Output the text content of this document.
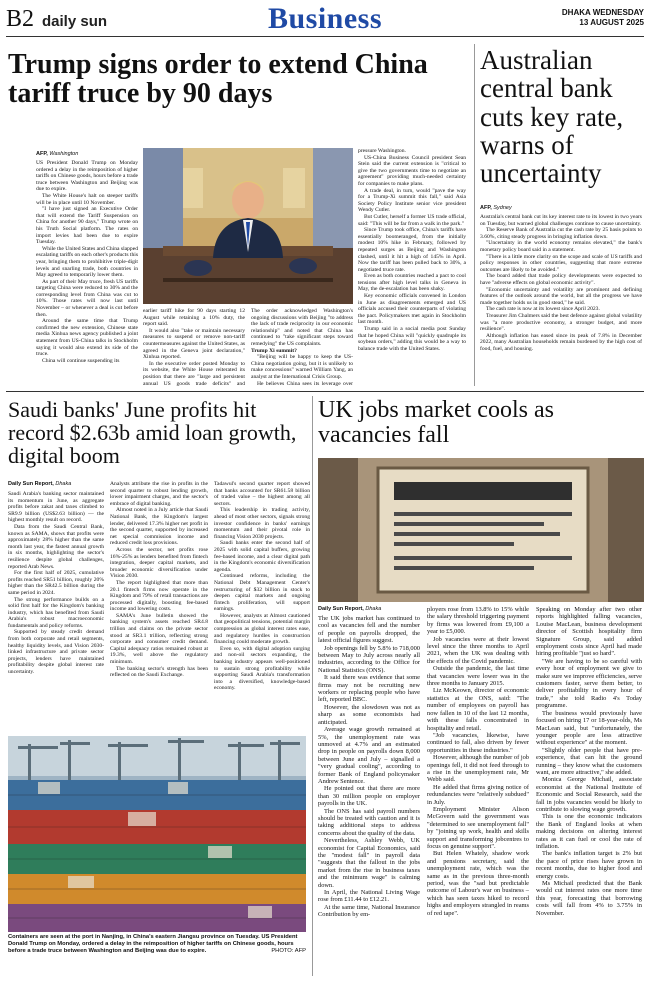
Business
B2 daily sun
DHAKA WEDNESDAY
13 AUGUST 2025
Trump signs order to extend China tariff truce by 90 days
AFP, Washington

US President Donald Trump on Monday ordered a delay in the reimposition of higher tariffs on Chinese goods, hours before a trade truce between Washington and Beijing was due to expire.

The White House's halt on steeper tariffs will be in place until 10 November.

"I have just signed an Executive Order that will extend the Tariff Suspension on China for another 90 days," Trump wrote on his Truth Social platform. The rates on import levies had been due to expire Tuesday.

While the United States and China slapped escalating tariffs on each other's products this year, bringing them to prohibitive triple-digit levels and snarling trade, both countries in May agreed to temporarily lower them.

As part of their May truce, fresh US tariffs targeting China were reduced to 30% and the corresponding level from China was cut to 10%. Those rates will now last until November – or whenever a deal is cut before then.

Around the same time that Trump confirmed the new extension, Chinese state media Xinhua news agency published a joint statement from US-China talks in Stockholm saying it would also extend its side of the truce.

China will continue suspending its

earlier tariff hike for 90 days starting 12 August while retaining a 10% duty, the report said.

It would also "take or maintain necessary measures to suspend or remove non-tariff countermeasures against the United States, as agreed in the Geneva joint declaration," Xinhua reported.

In the executive order posted Monday to its website, the White House reiterated its position that there are "large and persistent annual US goods trade deficits" and

The order acknowledged Washington's ongoing discussions with Beijing "to address the lack of trade reciprocity in our economic relationship" and noted that China has continued to "take significant steps toward remedying" the US complaints.

Trump Xi summit?

"Beijing will be happy to keep the US-China negotiation going, but it is unlikely to make concessions" warned William Yang, an analyst at the International Crisis Group.

He believes China sees its leverage over

pressure Washington.

US-China Business Council president Sean Stein said the current extension is "critical to give the two governments time to negotiate an agreement" providing much-needed certainty for companies to make plans.

A trade deal, in turn, would "pave the way for a Trump-Xi summit this fall," said Asia Society Policy Institute senior vice president Wendy Cutler.

But Cutler, herself a former US trade official, said: "This will be far from a walk in the park."

Since Trump took office, China's tariffs have essentially boomeranged, from the initially modest 10% hike in February, followed by repeated surges as Beijing and Washington clashed, until it hit a high of 145% in April. Now the tariff has been pulled back to 30%, a negotiated truce rate.

Even as both countries reached a pact to cool tensions after high level talks in Geneva in May, the de-escalation has been shaky.

Key economic officials convened in London in June as disagreements emerged and US officials accused their counterparts of violating the pact. Policymakers met again in Stockholm last month.

Trump said in a social media post Sunday that he hoped China will "quickly quadruple its soybean orders," adding this would be a way to balance trade with the United States.

Australian central bank cuts key rate, warns of uncertainty
AFP, Sydney

Australia's central bank cut its key interest rate to its lowest in two years on Tuesday, but warned global challenges continue to cause uncertainty.

The Reserve Bank of Australia cut the cash rate by 25 basis points to 3.60%, citing steady progress in bringing inflation down.

"Uncertainty in the world economy remains elevated," the bank's monetary policy board said in a statement.

"There is a little more clarity on the scope and scale of US tariffs and policy responses in other countries, suggesting that more extreme outcomes are likely to be avoided."

The board added that trade policy developments were expected to have "adverse effects on global economic activity".

"Economic uncertainty and volatility are prominent and defining features of the outlook around the world, but all the progress we have made together holds us in good stead," he said.

The cash rate is now at its lowest since April 2023.

Treasurer Jim Chalmers said the best defence against global volatility was "a more productive economy, a stronger budget, and more resilience".

Although inflation has eased since its peak of 7.8% in December 2022, many Australian households remain burdened by the high cost of food, fuel, and housing.

Saudi banks' June profits hit record $2.63b amid loan growth, digital boom
Daily Sun Report, Dhaka

Saudi Arabia's banking sector maintained its momentum in June, as aggregate profits before zakat and taxes climbed to SR9.9 billion (US$2.63 billion) — the highest monthly result on record.

Data from the Saudi Central Bank, known as SAMA, shows that profits were approximately 28% higher than the same month last year, the fastest annual growth in six months, highlighting the sector's resilience despite global challenges, reported Arab News.

For the first half of 2025, cumulative profits reached SR51 billion, roughly 20% higher than the SR42.5 billion during the same period in 2024.

The strong performance builds on a solid first half for the Kingdom's banking industry, which has benefited from Saudi Arabia's robust macroeconomic fundamentals and policy reforms.

Supported by steady credit demand from both corporate and retail segments, healthy liquidity levels, and Vision 2030-linked infrastructure and private sector projects, lenders have maintained profitability despite global interest rate uncertainty.

Analysts attribute the rise in profits in the second quarter to robust lending growth, lower impairment charges, and the sector's embrace of digital banking.

Almost noted in a July article that Saudi National Bank, the Kingdom's largest lender, delivered 17.3% higher net profit in the second quarter, supported by increased net special commission income and reduced credit loss provisions.

Across the sector, net profits rose 16%-25% as lenders benefited from fintech integration, deeper capital markets, and broader economic diversification under Vision 2030.

The report highlighted that more than 20.1 fintech firms now operate in the Kingdom and 79% of retail transactions are processed digitally, boosting fee-based income and lowering costs.

SAMA's June bulletin showed the banking system's assets reached SR4.8 trillion and claims on the private sector stood at SR3.1 trillion, reflecting strong corporate and consumer credit demand. Capital adequacy ratios remained robust at 19.3%, well above the regulatory minimum.

The banking sector's strength has been reflected on the Saudi Exchange.

Tadawul's second quarter report showed that banks accounted for SR61.58 billion of traded value – the highest among all sectors.

This leadership in trading activity, ahead of most other sectors, signals strong investor confidence in banks' earnings momentum and their pivotal role in financing Vision 2030 projects.

Saudi banks enter the second half of 2025 with solid capital buffers, growing fee-based income, and a clear digital path in the Kingdom's economic diversification agenda.

Continued reforms, including the National Debt Management Center's restructuring of $32 billion in stock to deepen capital markets and ongoing fintech proliferation, will support earnings.

However, analysts at Almost cautioned that geopolitical tensions, potential margin compression as global interest rates ease, and regulatory hurdles in construction financing could moderate growth.

Even so, with digital adoption surging and non-oil sectors expanding, the banking industry appears well-positioned to sustain strong profitability while supporting Saudi Arabia's transformation into a diversified, knowledge-based economy.

Containers are seen at the port in Nanjing, in China's eastern Jiangsu province on Tuesday. US President Donald Trump on Monday, ordered a delay in the reimposition of higher tariffs on Chinese goods, hours before a trade truce between Washington and Beijing was due to expire.	PHOTO: AFP
UK jobs market cools as vacancies fall
Daily Sun Report, Dhaka

The UK jobs market has continued to cool as vacancies fell and the number of people on payrolls dropped, the latest official figures suggest.

Job openings fell by 5.8% to 718,000 between May to July across nearly all industries, according to the Office for National Statistics (ONS).

It said there was evidence that some firms may not be recruiting new workers or replacing people who have left, reported BBC.

However, the slowdown was not as sharp as some economists had anticipated.

Average wage growth remained at 5%, the unemployment rate was unmoved at 4.7% and an estimated drop in people on payrolls down 8,000 between June and July – signalled a "very gradual cooling", according to former Bank of England policymaker Andrew Sentence.

He pointed out that there are more than 30 million people on employer payrolls in the UK.

The ONS has said payroll numbers should be treated with caution and it is taking additional steps to address concerns about the quality of the data.

Nevertheless, Ashley Webb, UK economist for Capital Economics, said the "modest fall" in payroll data "suggests that the fallout in the jobs market from the rise in business taxes and the minimum wage" is calming down.

In April, the National Living Wage rose from £11.44 to £12.21.

At the same time, National Insurance Contribution by em-

ployers rose from 13.8% to 15% while the salary threshold triggering payment by firms was lowered from £9,100 a year to £5,000.

Job vacancies were at their lowest level since the three months to April 2021, when the UK was dealing with the effects of the Covid pandemic.

Outside the pandemic, the last time that vacancies were lower was in the three months to January 2015.

Liz McKeown, director of economic statistics at the ONS, said: "The number of employees on payroll has now fallen in 10 of the last 12 months, with these falls concentrated in hospitality and retail.

"Job vacancies, likewise, have continued to fall, also driven by fewer opportunities in these industries."

However, although the number of job openings fell, it did not feed through to a rise in the unemployment rate, Mr Webb said.

He added that firms giving notice of redundancies were "relatively subdued" in July.

Employment Minister Alison McGovern said the government was "determined to see unemployment fall" by "joining up work, health and skills support and transforming jobcentres to focus on genuine support".

But Helen Whately, shadow work and pensions secretary, said the unemployment rate, which was the same as in the previous three-month period, was the "sad but predictable outcome of Labour's war on business – which has seen taxes hiked to record highs and employers strangled in reams of red tape".

Speaking on Monday after two other reports highlighted falling vacancies, Louise MacLean, business development director of Scottish hospitality firm Signature Group, said added employment costs since April had made hiring profitable "just so hard".

"We are having to be so careful with every hour of employment we give to make sure we improve efficiencies, serve customers faster, serve them better, to deliver profitability in every hour of trade," she told Radio 4's Today programme.

The business would previously have focused on hiring 17 or 18-year-olds, Ms MacLean said, but "unfortunately, the younger people are less attractive without experience" at the moment.

"Slightly older people that have pre-experience, that can hit the ground running – they know what the customers want, are more attractive," she added.

Monica George Michail, associate economist at the National Institute of Economic and Social Research, said the fall in jobs vacancies would be likely to contribute to slowing wage growth.

This is one the economic indicators the Bank of England looks at when making decisions on altering interest rates as it can fuel or cool the rate of inflation.

The bank's inflation target is 2% but the pace of price rises have grown in recent months, due to higher food and energy costs.

Ms Michail predicted that the Bank would cut interest rates one more time this year, forecasting that borrowing costs will fall from 4% to 3.75% in November.
